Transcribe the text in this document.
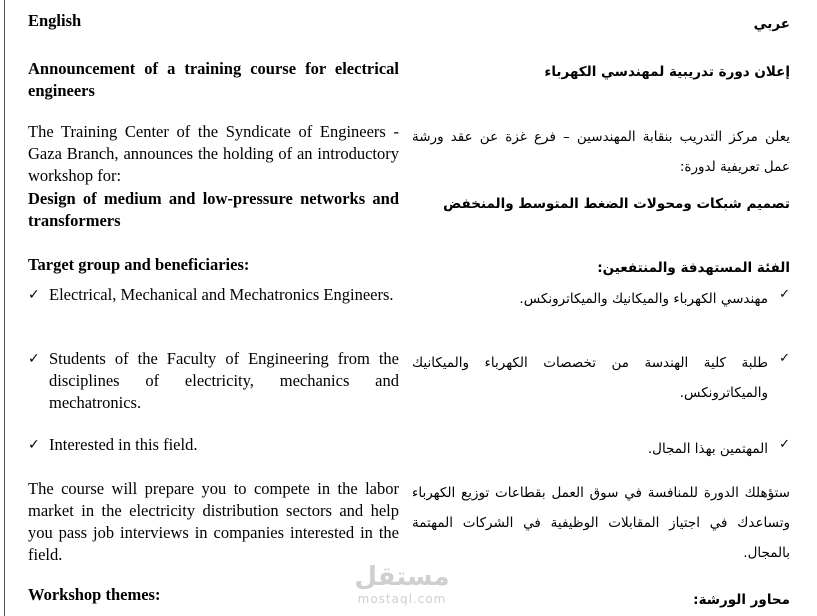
English
Announcement of a training course for electrical engineers
The Training Center of the Syndicate of Engineers - Gaza Branch, announces the holding of an introductory workshop for:
Design of medium and low-pressure networks and transformers
Target group and beneficiaries:
✓ Electrical, Mechanical and Mechatronics Engineers.
✓ Students of the Faculty of Engineering from the disciplines of electricity, mechanics and mechatronics.
✓ Interested in this field.
The course will prepare you to compete in the labor market in the electricity distribution sectors and help you pass job interviews in companies interested in the field.
Workshop themes:
عربي
إعلان دورة تدريبية لمهندسي الكهرباء
يعلن مركز التدريب بنقابة المهندسين – فرع غزة عن عقد ورشة عمل تعريفية لدورة:
تصميم شبكات ومحولات الضغط المتوسط والمنخفض
الفئة المستهدفة والمنتفعين:
✓
مهندسي الكهرباء والميكانيك والميكاترونكس.
✓
طلبة كلية الهندسة من تخصصات الكهرباء والميكانيك والميكاترونكس.
✓
المهتمين بهذا المجال.
ستؤهلك الدورة للمنافسة في سوق العمل بقطاعات توزيع الكهرباء وتساعدك في اجتياز المقابلات الوظيفية في الشركات المهتمة بالمجال.
محاور الورشة:
مستقل
mostaql.com
